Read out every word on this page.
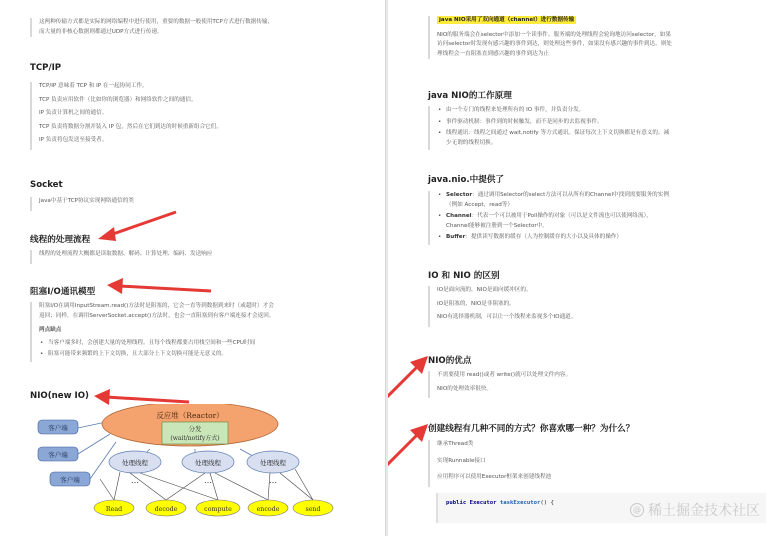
这两种传输方式都是实际的网络编程中进行使用，重要的数据一般使用TCP方式进行数据传输，
而大量的非核心数据则都通过UDP方式进行传递。
TCP/IP

TCP/IP 意味着 TCP 和 IP 在一起协同工作。

TCP 负责应用软件（比如你的浏览器）和网络软件之间的通信。

IP 负责计算机之间的通信。

TCP 负责将数据分割并装入 IP 包，然后在它们到达的时候重新组合它们。

IP 负责将包发送至接受者。

Socket

Java中基于TCP协议实现网络通信的类

线程的处理流程

线程的处理流程大概都是读取数据、解码、计算处理、编码、发送响应

阻塞I/O通讯模型
阻塞I/O在调用InputStream.read()方法时是阻塞的，它会一直等到数据到来时（或超时）才会
返回；同样，在调用ServerSocket.accept()方法时，也会一直阻塞到有客户端连接才会返回。
两点缺点
• 当客户端多时，会创建大量的处理线程。且每个线程都要占用栈空间和一些CPU时间
• 阻塞可能带来频繁的上下文切换，且大部分上下文切换可能是无意义的。
NIO(new IO)
反应堆（Reactor）
分发
(wait/notify方式)
客户端
客户端
客户端
处理线程	处理线程	处理线程
…	…	…
Read	decode	compute	encode	send
java NIO采用了双向通道（channel）进行数据传输
NIO的服务端会在selector中添加一个读事件。服务端的处理线程会轮询地访问selector，如果
访问selector时发现有感兴趣的事件到达，则处理这些事件，如果没有感兴趣的事件到达，则处
理线程会一直阻塞直到感兴趣的事件到达为止
java NIO的工作原理
• 由一个专门的线程来处理所有的 IO 事件，并负责分发。
• 事件驱动机制：事件到的时候触发，而不是同步的去监视事件。
• 线程通讯：线程之间通过 wait,notify 等方式通讯。保证每次上下文切换都是有意义的。减
少无谓的线程切换。
java.nio.中提供了
• Selector：通过调用Selector的select方法可以从所有的Channel中找到需要服务的实例
（例如 Accept，read等）
• Channel：代表一个可以被用于Poll操作的对象（可以是文件流也可以使网络流），
Channel能够被注册到一个Selector中。
• Buffer：提供读写数据的缓存（人为控制缓存的大小以及具体的操作）
IO 和 NIO 的区别

IO是面向流的，NIO是面向缓冲区的。

IO是阻塞的，NIO是非阻塞的。

NIO有选择器机制，可以让一个线程来监视多个IO通道。

NIO的优点

不需要使用 read()或者 write()就可以处理文件内容。

NIO的处理效率很快。

创建线程有几种不同的方式？你喜欢哪一种？为什么？

继承Thread类

实现Runnable接口

应用程序可以使用Executor框架来创建线程池

public Executor taskExecutor() {
@ 稀土掘金技术社区
